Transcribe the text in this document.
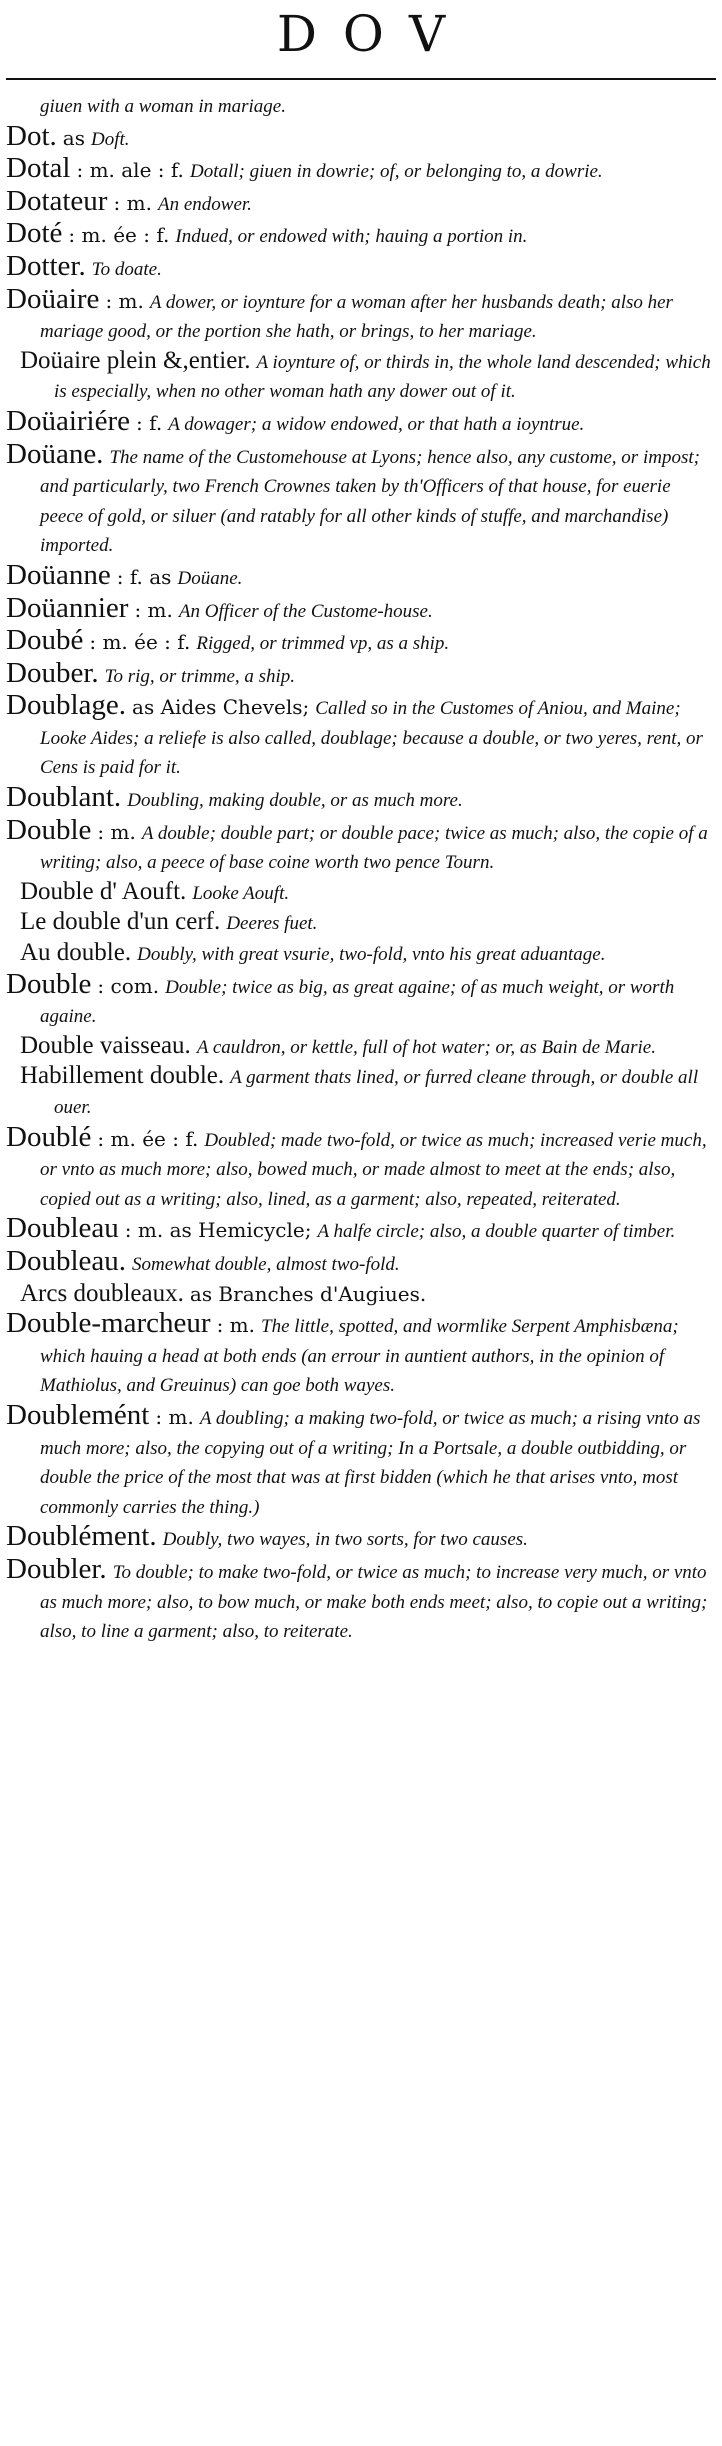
DOV

giuen with a woman in mariage.

Dot. as Doft.

Dotal : m. ale : f. Dotall; giuen in dowrie; of, or belonging to, a dowrie.

Dotateur : m. An endower.

Doté : m. ée : f. Indued, or endowed with; hauing a portion in.

Dotter. To doate.

Doüaire : m. A dower, or ioynture for a woman after her husbands death; also her mariage good, or the portion she hath, or brings, to her mariage.

Doüaire plein &,entier. A ioynture of, or thirds in, the whole land descended; which is especially, when no other woman hath any dower out of it.

Doüairiére : f. A dowager; a widow endowed, or that hath a ioyntrue.

Doüane. The name of the Customehouse at Lyons; hence also, any custome, or impost; and particularly, two French Crownes taken by th'Officers of that house, for euerie peece of gold, or siluer (and ratably for all other kinds of stuffe, and marchandise) imported.

Doüanne : f. as Doüane.

Doüannier : m. An Officer of the Custome-house.

Doubé : m. ée : f. Rigged, or trimmed vp, as a ship.

Douber. To rig, or trimme, a ship.

Doublage. as Aides Chevels; Called so in the Customes of Aniou, and Maine; Looke Aides; a reliefe is also called, doublage; because a double, or two yeres, rent, or Cens is paid for it.

Doublant. Doubling, making double, or as much more.

Double : m. A double; double part; or double pace; twice as much; also, the copie of a writing; also, a peece of base coine worth two pence Tourn.

Double d' Aouft. Looke Aouft.

Le double d'un cerf. Deeres fuet.

Au double. Doubly, with great vsurie, two-fold, vnto his great aduantage.

Double : com. Double; twice as big, as great againe; of as much weight, or worth againe.

Double vaisseau. A cauldron, or kettle, full of hot water; or, as Bain de Marie.

Habillement double. A garment thats lined, or furred cleane through, or double all ouer.

Doublé : m. ée : f. Doubled; made two-fold, or twice as much; increased verie much, or vnto as much more; also, bowed much, or made almost to meet at the ends; also, copied out as a writing; also, lined, as a garment; also, repeated, reiterated.

Doubleau : m. as Hemicycle; A halfe circle; also, a double quarter of timber.

Doubleau. Somewhat double, almost two-fold.

Arcs doubleaux. as Branches d'Augiues.

Double-marcheur : m. The little, spotted, and wormlike Serpent Amphisbæna; which hauing a head at both ends (an errour in auntient authors, in the opinion of Mathiolus, and Greuinus) can goe both wayes.

Doublemént : m. A doubling; a making two-fold, or twice as much; a rising vnto as much more; also, the copying out of a writing; In a Portsale, a double outbidding, or double the price of the most that was at first bidden (which he that arises vnto, most commonly carries the thing.)

Doublément. Doubly, two wayes, in two sorts, for two causes.

Doubler. To double; to make two-fold, or twice as much; to increase very much, or vnto as much more; also, to bow much, or make both ends meet; also, to copie out a writing; also, to line a garment; also, to reiterate.
